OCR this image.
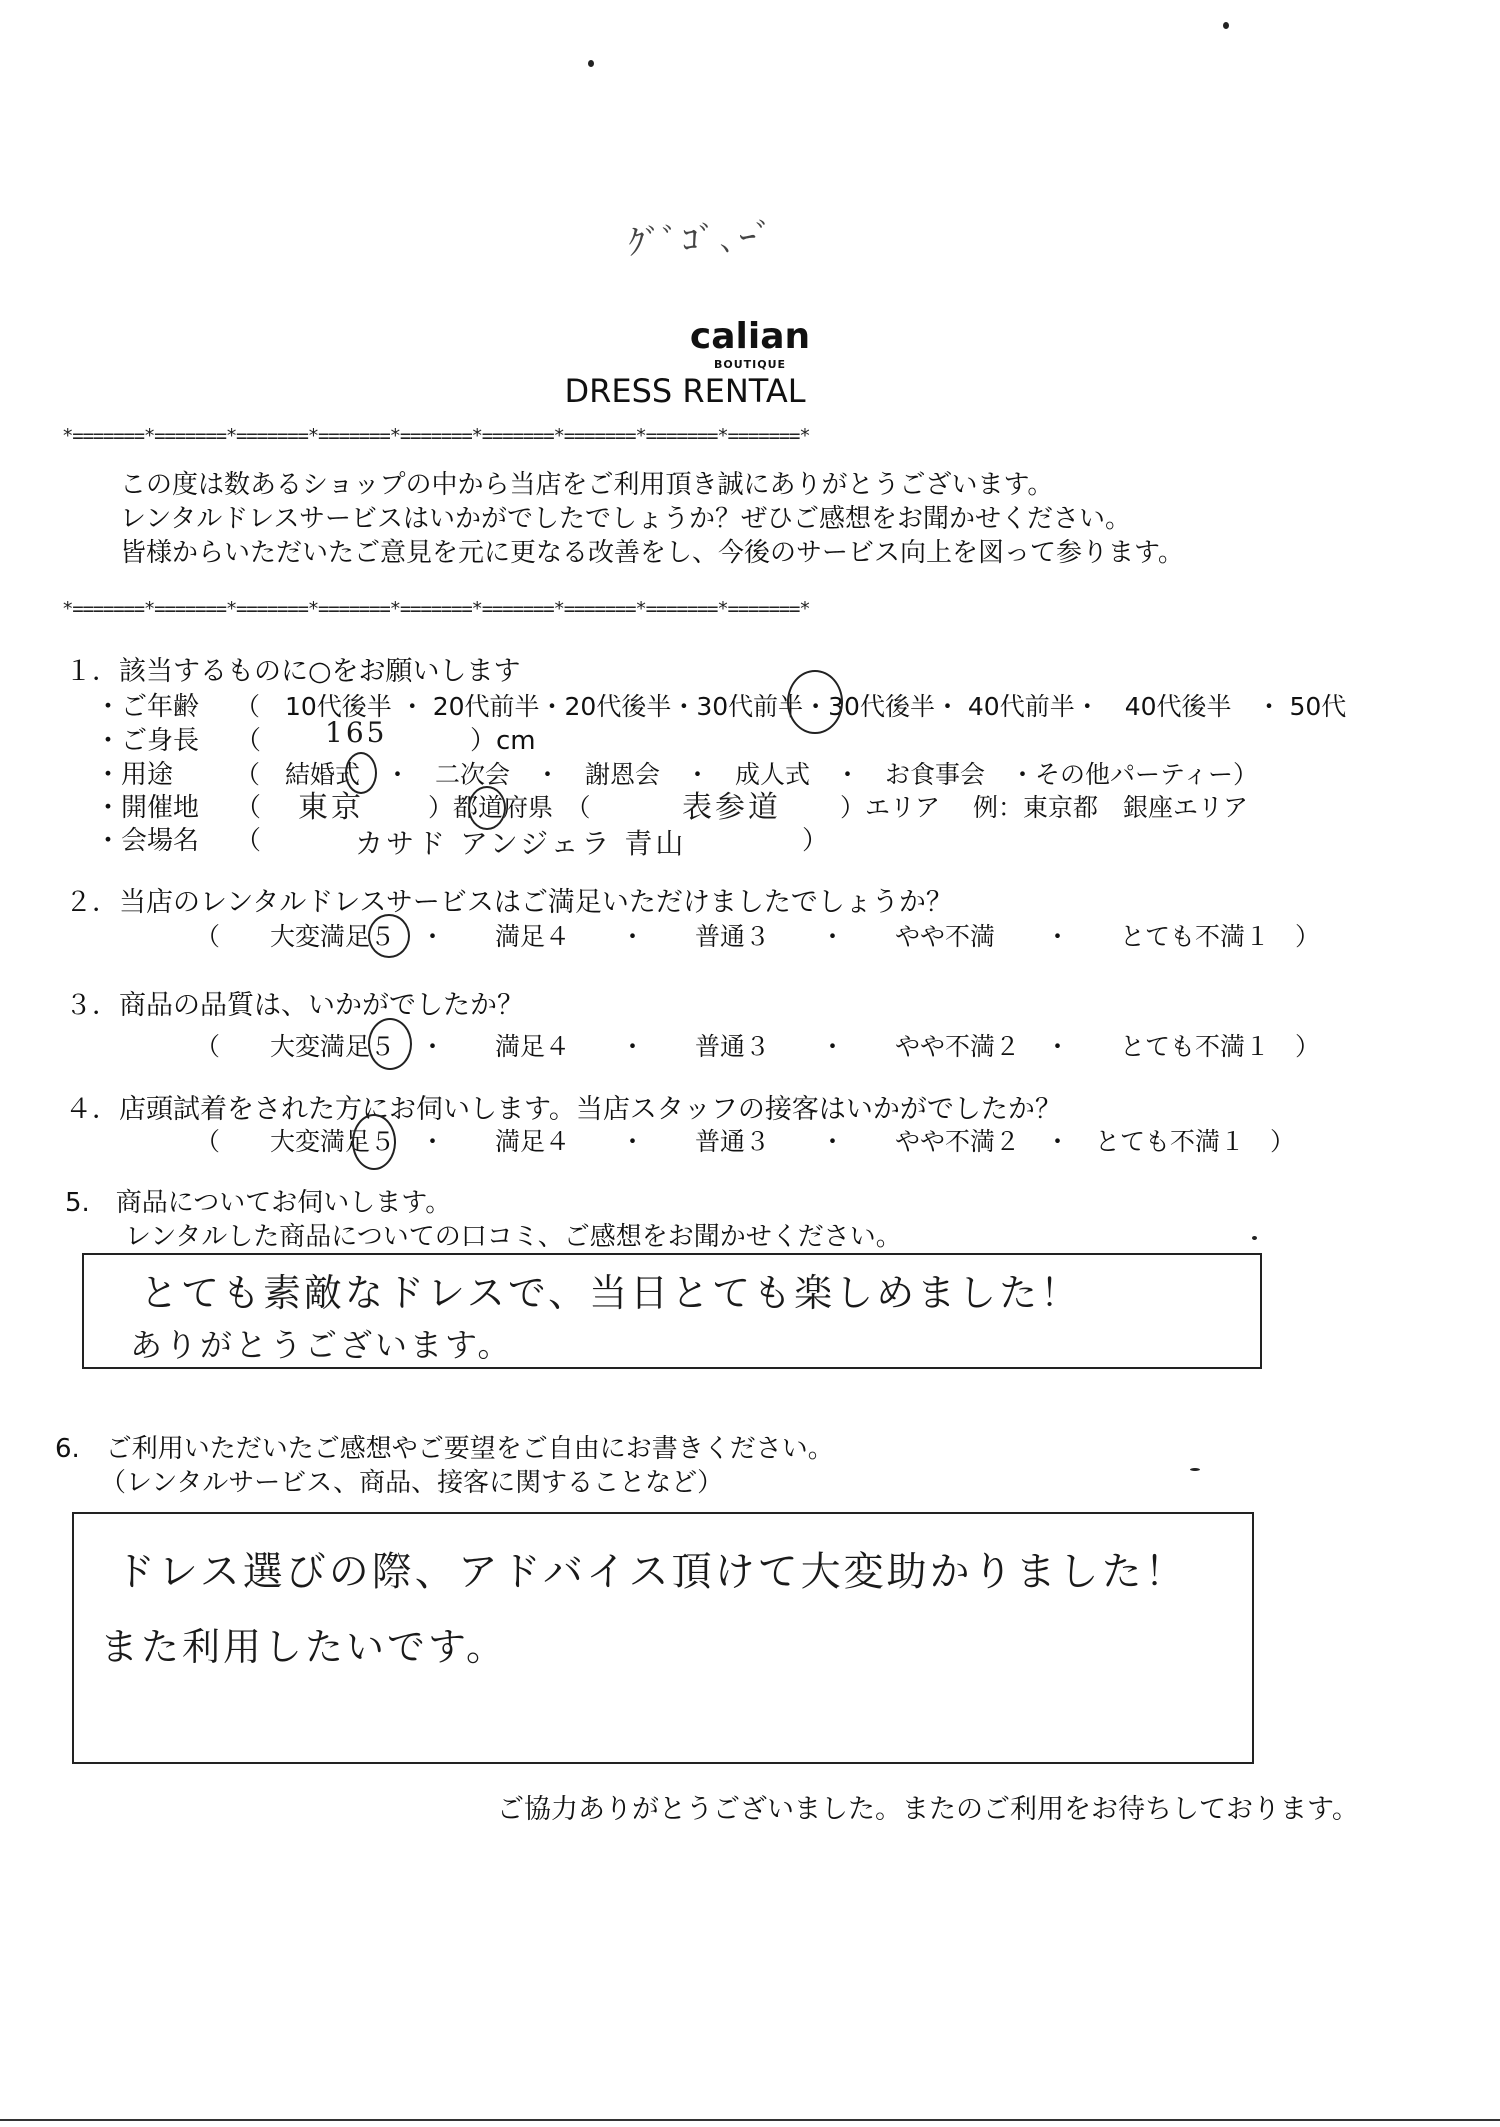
ｸﾞﾞｺﾞ､ｰﾞ
calian
BOUTIQUE
DRESS RENTAL
*=======*=======*=======*=======*=======*=======*=======*=======*=======*
この度は数あるショップの中から当店をご利用頂き誠にありがとうございます。
レンタルドレスサービスはいかがでしたでしょうか？ぜひご感想をお聞かせください。
皆様からいただいたご意見を元に更なる改善をし、今後のサービス向上を図って参ります。
*=======*=======*=======*=======*=======*=======*=======*=======*=======*
１．該当するものに○をお願いします
・ご年齢 （　10代後半 ・ 20代前半・20代後半・30代前半・30代後半・ 40代前半・　40代後半　・ 50代
・ご身長 （ 165	）cm
・用途 （　結婚式　・　二次会　・　謝恩会　・　成人式　・　お食事会　・その他パーティー）
・開催地 （ 東京	）都道府県　（	表参道 ）エリア　 例：東京都　銀座エリア
・会場名 （	カサド アンジェラ 青山	）
２．当店のレンタルドレスサービスはご満足いただけましたでしょうか？
（　　大変満足５　・　　満足４　　・　　普通３　　・　　やや不満　　・　　とても不満１　）
３．商品の品質は、いかがでしたか？
（　　大変満足５　・　　満足４　　・　　普通３　　・　　やや不満２　・　　とても不満１　）
４．店頭試着をされた方にお伺いします。当店スタッフの接客はいかがでしたか？
（　　大変満足５　・　　満足４　　・　　普通３　　・　　やや不満２　・　とても不満１　）
5.　商品についてお伺いします。
レンタルした商品についての口コミ、ご感想をお聞かせください。
とても素敵なドレスで、当日とても楽しめました！
ありがとうございます。
6.　ご利用いただいたご感想やご要望をご自由にお書きください。
（レンタルサービス、商品、接客に関することなど）
ドレス選びの際、アドバイス頂けて大変助かりました！
また利用したいです。
ご協力ありがとうございました。またのご利用をお待ちしております。
